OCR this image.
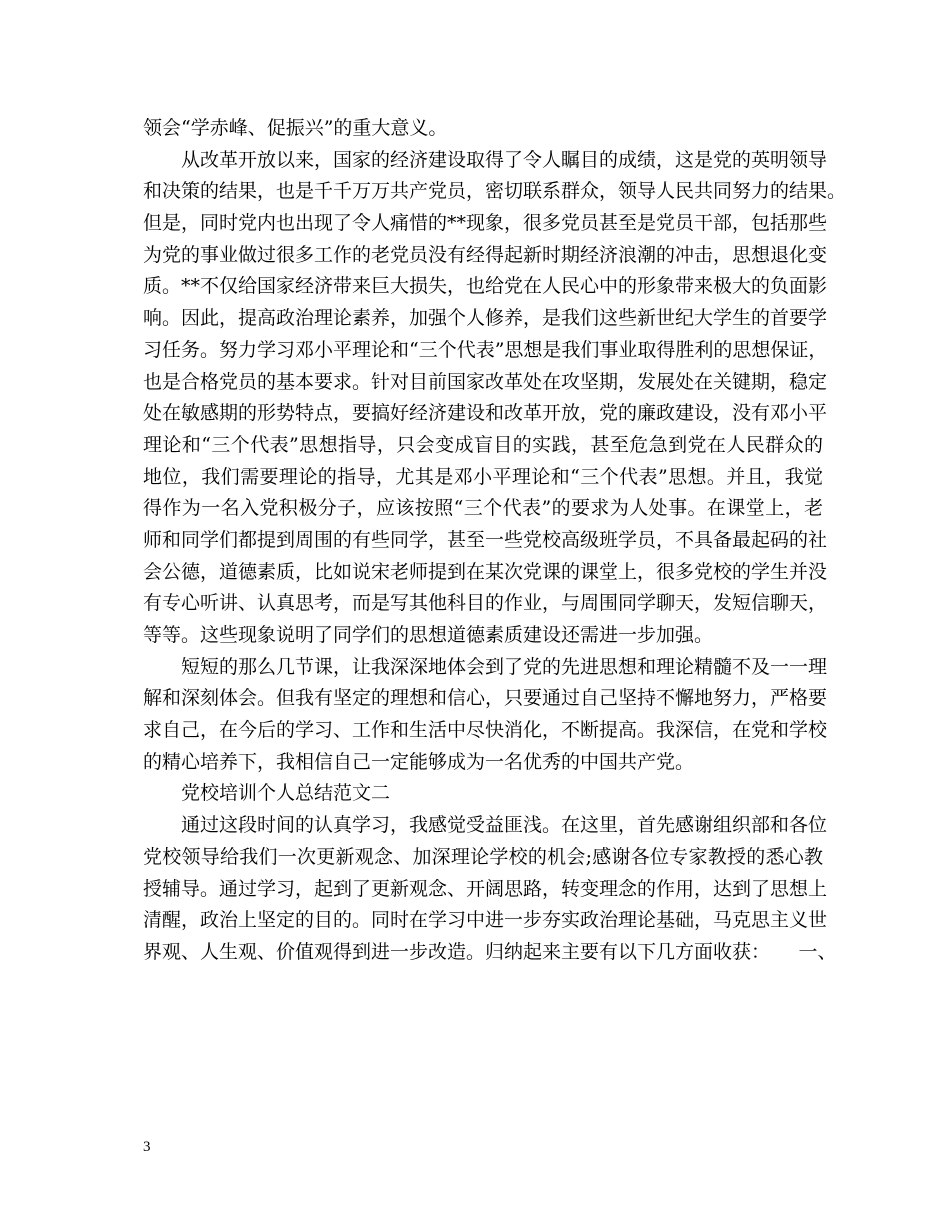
领会“学赤峰、促振兴”的重大意义。
从改革开放以来，国家的经济建设取得了令人瞩目的成绩，这是党的英明领导
和决策的结果，也是千千万万共产党员，密切联系群众，领导人民共同努力的结果。
但是，同时党内也出现了令人痛惜的**现象，很多党员甚至是党员干部，包括那些
为党的事业做过很多工作的老党员没有经得起新时期经济浪潮的冲击，思想退化变
质。**不仅给国家经济带来巨大损失，也给党在人民心中的形象带来极大的负面影
响。因此，提高政治理论素养，加强个人修养，是我们这些新世纪大学生的首要学
习任务。努力学习邓小平理论和“三个代表”思想是我们事业取得胜利的思想保证，
也是合格党员的基本要求。针对目前国家改革处在攻坚期，发展处在关键期，稳定
处在敏感期的形势特点，要搞好经济建设和改革开放，党的廉政建设，没有邓小平
理论和“三个代表”思想指导，只会变成盲目的实践，甚至危急到党在人民群众的
地位，我们需要理论的指导，尤其是邓小平理论和“三个代表”思想。并且，我觉
得作为一名入党积极分子，应该按照“三个代表”的要求为人处事。在课堂上，老
师和同学们都提到周围的有些同学，甚至一些党校高级班学员，不具备最起码的社
会公德，道德素质，比如说宋老师提到在某次党课的课堂上，很多党校的学生并没
有专心听讲、认真思考，而是写其他科目的作业，与周围同学聊天，发短信聊天，
等等。这些现象说明了同学们的思想道德素质建设还需进一步加强。
短短的那么几节课，让我深深地体会到了党的先进思想和理论精髓不及一一理
解和深刻体会。但我有坚定的理想和信心，只要通过自己坚持不懈地努力，严格要
求自己，在今后的学习、工作和生活中尽快消化，不断提高。我深信，在党和学校
的精心培养下，我相信自己一定能够成为一名优秀的中国共产党。
党校培训个人总结范文二
通过这段时间的认真学习，我感觉受益匪浅。在这里，首先感谢组织部和各位
党校领导给我们一次更新观念、加深理论学校的机会;感谢各位专家教授的悉心教
授辅导。通过学习，起到了更新观念、开阔思路，转变理念的作用，达到了思想上
清醒，政治上坚定的目的。同时在学习中进一步夯实政治理论基础，马克思主义世
界观、人生观、价值观得到进一步改造。归纳起来主要有以下几方面收获：　　一、
3
